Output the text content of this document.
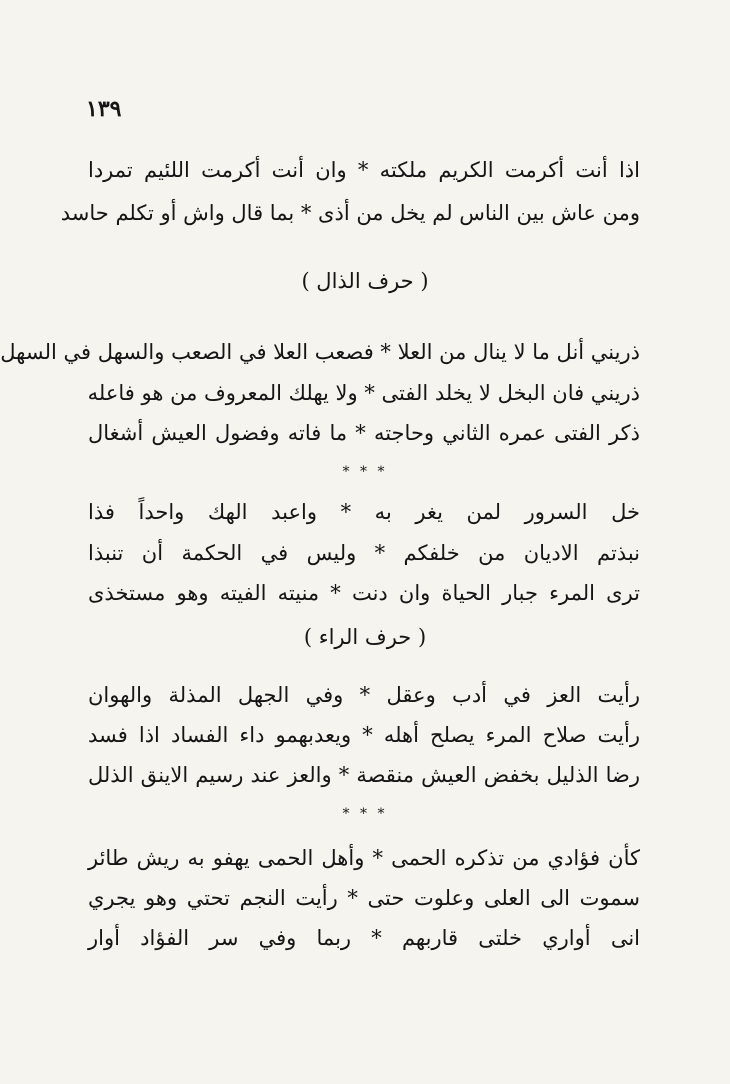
١٣٩
اذا أنت أكرمت الكريم ملكته * وان أنت أكرمت اللئيم تمردا
ومن عاش بين الناس لم يخل من أذى * بما قال واش أو تكلم حاسد
( حرف الذال )
ذريني أنل ما لا ينال من العلا * فصعب العلا في الصعب والسهل في السهل
ذريني فان البخل لا يخلد الفتى * ولا يهلك المعروف من هو فاعله
ذكر الفتى عمره الثاني وحاجته * ما فاته وفضول العيش أشغال
* * *
خل السرور لمن يغر به * واعبد الهك واحداً فذا
نبذتم الاديان من خلفكم * وليس في الحكمة أن تنبذا
ترى المرء جبار الحياة وان دنت * منيته الفيته وهو مستخذى
( حرف الراء )
رأيت العز في أدب وعقل * وفي الجهل المذلة والهوان
رأيت صلاح المرء يصلح أهله * ويعدبهمو داء الفساد اذا فسد
رضا الذليل بخفض العيش منقصة * والعز عند رسيم الاينق الذلل
* * *
كأن فؤادي من تذكره الحمى * وأهل الحمى يهفو به ريش طائر
سموت الى العلى وعلوت حتى * رأيت النجم تحتي وهو يجري
انى أواري خلتى قاربهم * ربما وفي سر الفؤاد أوار
